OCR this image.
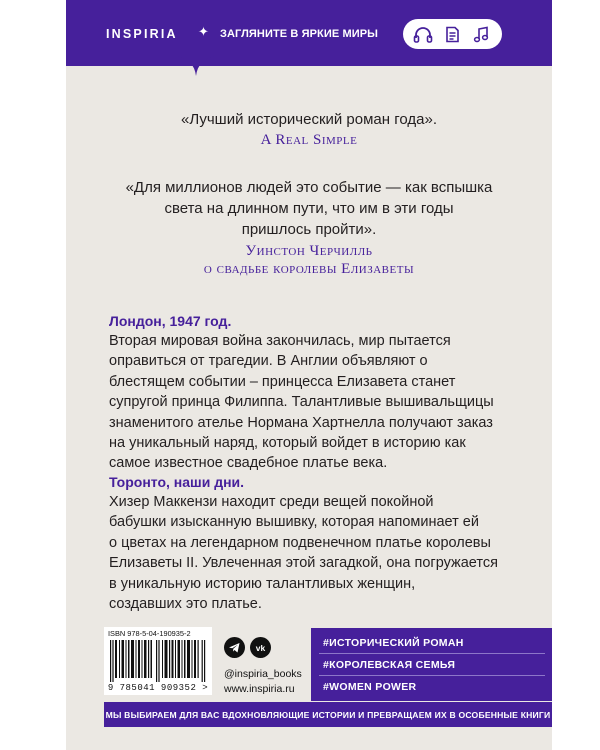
INSPIRIA ✦ ЗАГЛЯНИТЕ В ЯРКИЕ МИРЫ
«Лучший исторический роман года».
A Real Simple
«Для миллионов людей это событие — как вспышка
света на длинном пути, что им в эти годы
пришлось пройти».
Уинстон Черчилль
о свадьбе королевы Елизаветы
Лондон, 1947 год.
Вторая мировая война закончилась, мир пытается
оправиться от трагедии. В Англии объявляют о
блестящем событии – принцесса Елизавета станет
супругой принца Филиппа. Талантливые вышивальщицы
знаменитого ателье Нормана Хартнелла получают заказ
на уникальный наряд, который войдет в историю как
самое известное свадебное платье века.
Торонто, наши дни.
Хизер Маккензи находит среди вещей покойной
бабушки изысканную вышивку, которая напоминает ей
о цветах на легендарном подвенечном платье королевы
Елизаветы II. Увлеченная этой загадкой, она погружается
в уникальную историю талантливых женщин,
создавших это платье.
ISBN 978-5-04-190935-2
9 785041 909352 >
vk
@inspiria_books
www.inspiria.ru
#ИСТОРИЧЕСКИЙ РОМАН
#КОРОЛЕВСКАЯ СЕМЬЯ
#WOMEN POWER
МЫ ВЫБИРАЕМ ДЛЯ ВАС ВДОХНОВЛЯЮЩИЕ ИСТОРИИ И ПРЕВРАЩАЕМ ИХ В ОСОБЕННЫЕ КНИГИ
